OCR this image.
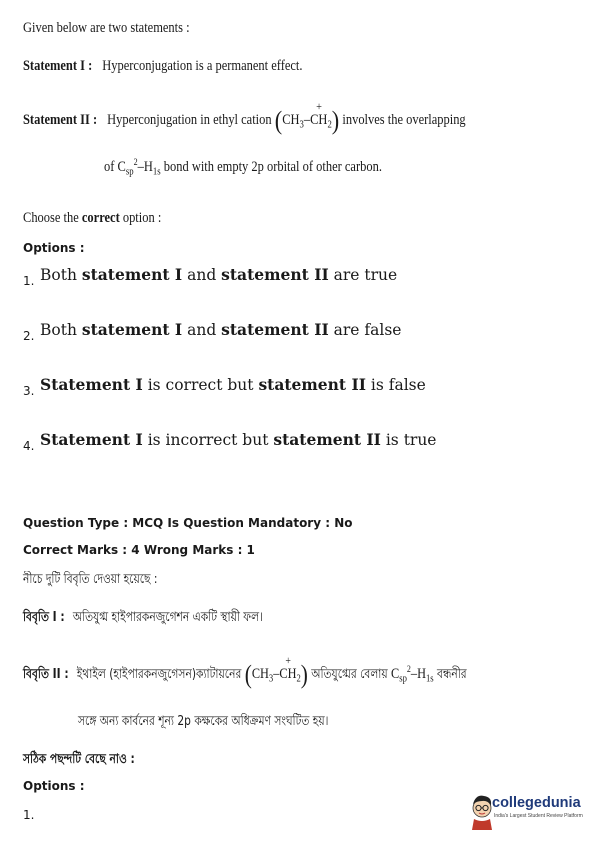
Given below are two statements :
Statement I : Hyperconjugation is a permanent effect.
Statement II : Hyperconjugation in ethyl cation ($CH_3-$
+
$CH_2$) involves the overlapping
of $C_{sp}^2-H_{1s}$ bond with empty 2p orbital of other carbon.
Choose the correct option :
Options :
1. Both statement I and statement II are true
2. Both statement I and statement II are false
3. Statement I is correct but statement II is false
4. Statement I is incorrect but statement II is true
Question Type : MCQ Is Question Mandatory : No
Correct Marks : 4 Wrong Marks : 1
নীচে দুটি বিবৃতি দেওয়া হয়েছে :
বিবৃতি I : অতিযুগ্ম হাইপারকনজুগেশন একটি স্থায়ী ফল।
বিবৃতি II : ইথাইল (হাইপারকনজুগেসন)ক্যাটায়নের ($CH_3-$
+
$CH_2$) অতিযুগ্মের বেলায় $C_{sp}^2-H_{1s}$ বন্ধনীর
সঙ্গে অন্য কার্বনের শূন্য 2p কক্ষকের অধিক্রমণ সংঘটিত হয়।
সঠিক পছন্দটি বেছে নাও :
Options :
1.
collegedunia
India's Largest Student Review Platform
